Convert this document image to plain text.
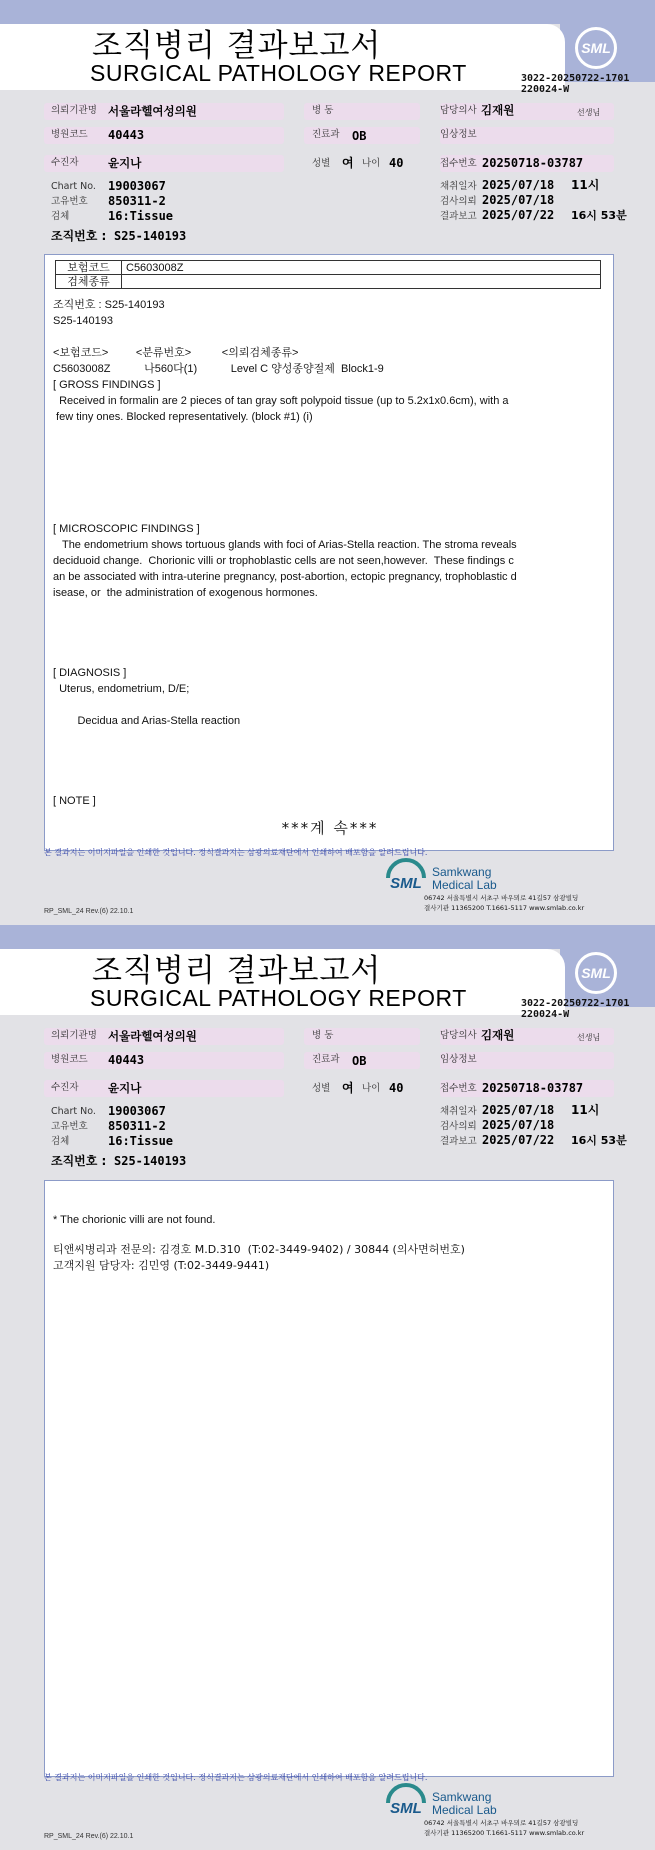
SML
조직병리 결과보고서
SURGICAL PATHOLOGY REPORT	3022-20250722-1701
220024-W
의뢰기관명 서울라헬여성의원
병원코드 40443
수진자	윤지나
Chart No. 19003067
고유번호 850311-2
검체	16:Tissue
조직번호 : S25-140193
병 동
진료과 OB
성별 여 나이 40
담당의사 김재원	선생님
임상정보
접수번호 20250718-03787
채취일자 2025/07/18 11시
검사의뢰 2025/07/18
결과보고 2025/07/22 16시 53분
보험코드	C5603008Z
검체종류	
조직번호 : S25-140193
S25-140193
<보험코드>         <분류번호>          <의뢰검체종류>
C5603008Z           나560다(1)           Level C 양성종양절제  Block1-9
[ GROSS FINDINGS ]
Received in formalin are 2 pieces of tan gray soft polypoid tissue (up to 5.2x1x0.6cm), with a
few tiny ones. Blocked representatively. (block #1) (i)
[ MICROSCOPIC FINDINGS ]
The endometrium shows tortuous glands with foci of Arias-Stella reaction. The stroma reveals
deciduoid change.  Chorionic villi or trophoblastic cells are not seen,however.  These findings c
an be associated with intra-uterine pregnancy, post-abortion, ectopic pregnancy, trophoblastic d
isease, or  the administration of exogenous hormones.
[ DIAGNOSIS ]
Uterus, endometrium, D/E;
Decidua and Arias-Stella reaction
[ NOTE ]
***계 속***
본 결과지는 이미지파일을 인쇄한 것입니다. 정식결과지는 삼광의료재단에서 인쇄하여 배포함을 알려드립니다.
SML
Samkwang
Medical Lab
06742 서울특별시 서초구 바우뫼로 41길57 삼광빌딩
결사기관 11365200 T.1661-5117 www.smlab.co.kr
RP_SML_24 Rev.(6) 22.10.1
SML
조직병리 결과보고서
SURGICAL PATHOLOGY REPORT	3022-20250722-1701
220024-W
의뢰기관명 서울라헬여성의원
병원코드 40443
수진자	윤지나
Chart No. 19003067
고유번호 850311-2
검체	16:Tissue
조직번호 : S25-140193
병 동
진료과 OB
성별 여 나이 40
담당의사 김재원	선생님
임상정보
접수번호 20250718-03787
채취일자 2025/07/18 11시
검사의뢰 2025/07/18
결과보고 2025/07/22 16시 53분
* The chorionic villi are not found.
티앤씨병리과 전문의: 김경호 M.D.310  (T:02-3449-9402) / 30844 (의사면허번호)
고객지원 담당자: 김민영 (T:02-3449-9441)
본 결과지는 이미지파일을 인쇄한 것입니다. 정식결과지는 삼광의료재단에서 인쇄하여 배포함을 알려드립니다.
SML
Samkwang
Medical Lab
06742 서울특별시 서초구 바우뫼로 41길57 삼광빌딩
결사기관 11365200 T.1661-5117 www.smlab.co.kr
RP_SML_24 Rev.(6) 22.10.1
